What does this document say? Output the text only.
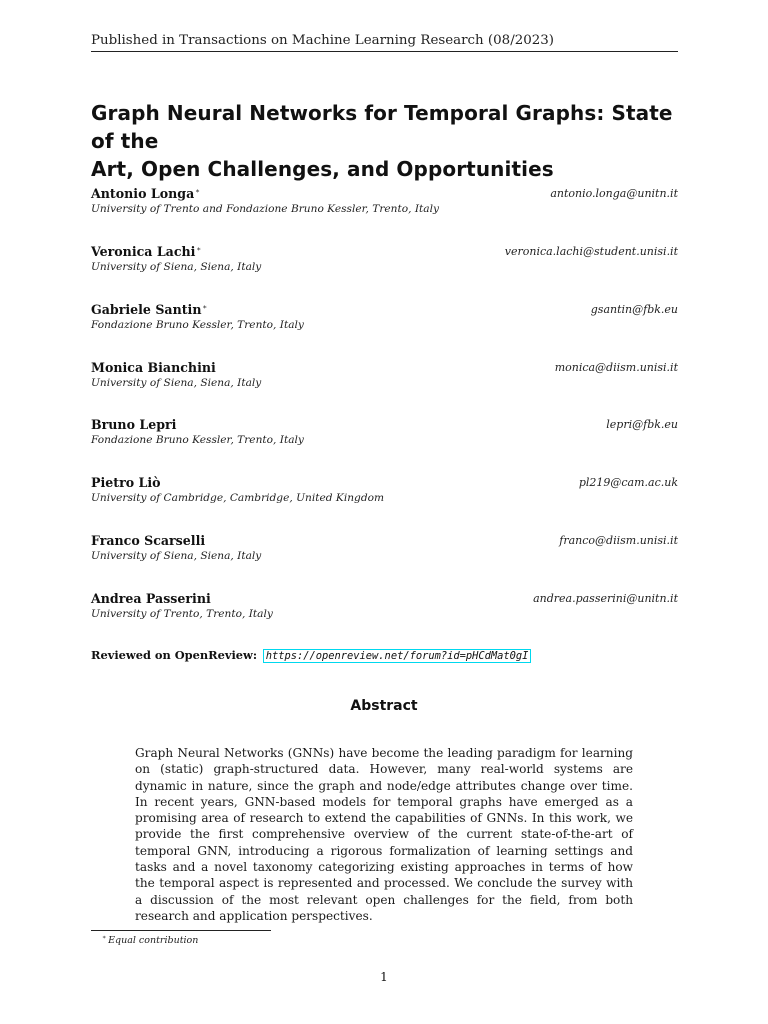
Published in Transactions on Machine Learning Research (08/2023)
Graph Neural Networks for Temporal Graphs: State of the
Art, Open Challenges, and Opportunities
Antonio Longa∗	antonio.longa@unitn.it
University of Trento and Fondazione Bruno Kessler, Trento, Italy
Veronica Lachi∗	veronica.lachi@student.unisi.it
University of Siena, Siena, Italy
Gabriele Santin∗	gsantin@fbk.eu
Fondazione Bruno Kessler, Trento, Italy
Monica Bianchini	monica@diism.unisi.it
University of Siena, Siena, Italy
Bruno Lepri	lepri@fbk.eu
Fondazione Bruno Kessler, Trento, Italy
Pietro Liò	pl219@cam.ac.uk
University of Cambridge, Cambridge, United Kingdom
Franco Scarselli	franco@diism.unisi.it
University of Siena, Siena, Italy
Andrea Passerini	andrea.passerini@unitn.it
University of Trento, Trento, Italy
Reviewed on OpenReview: https://openreview.net/forum?id=pHCdMat0gI
Abstract
Graph Neural Networks (GNNs) have become the leading paradigm for learning on (static) graph-structured data. However, many real-world systems are dynamic in nature, since the graph and node/edge attributes change over time. In recent years, GNN-based models for temporal graphs have emerged as a promising area of research to extend the capabilities of GNNs. In this work, we provide the first comprehensive overview of the current state-of-the-art of temporal GNN, introducing a rigorous formalization of learning settings and tasks and a novel taxonomy categorizing existing approaches in terms of how the temporal aspect is represented and processed. We conclude the survey with a discussion of the most relevant open challenges for the field, from both research and application perspectives.
∗ Equal contribution
1
